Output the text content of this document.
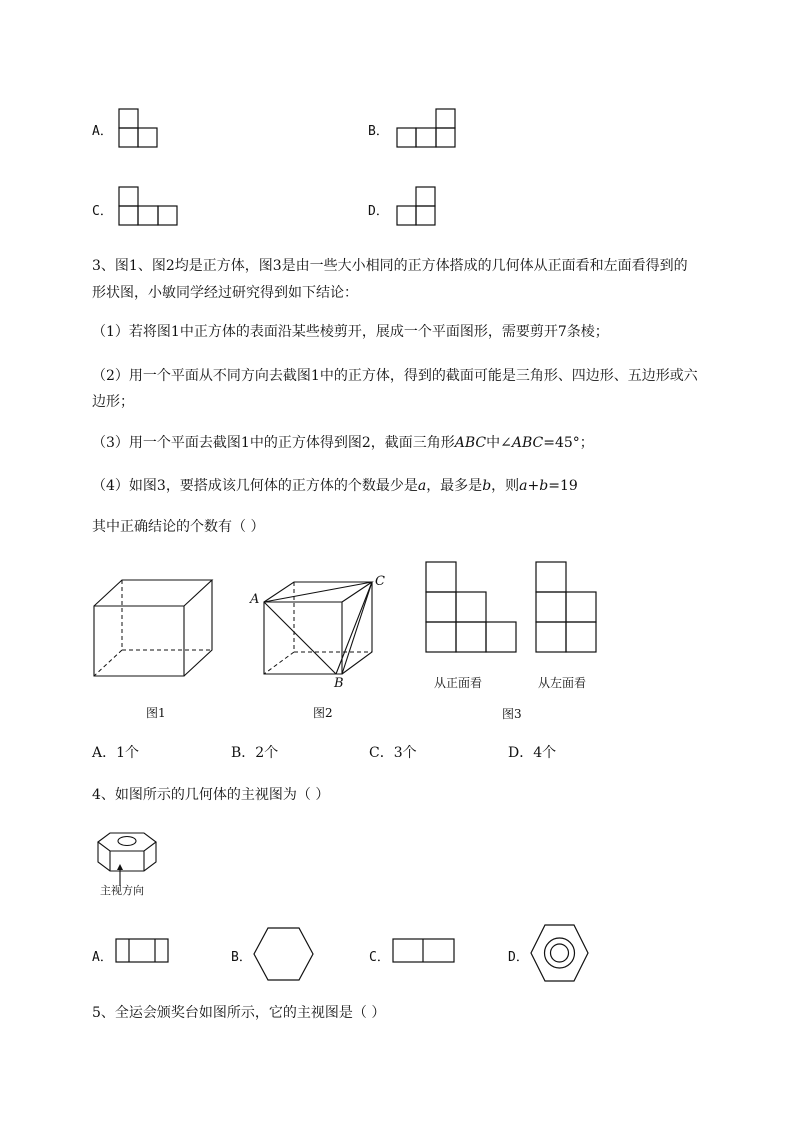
A．	B．
C．	D．
3、图1、图2均是正方体，图3是由一些大小相同的正方体搭成的几何体从正面看和左面看得到的
形状图，小敏同学经过研究得到如下结论：
（1）若将图1中正方体的表面沿某些棱剪开，展成一个平面图形，需要剪开7条棱；
（2）用一个平面从不同方向去截图1中的正方体，得到的截面可能是三角形、四边形、五边形或六
边形；
（3）用一个平面去截图1中的正方体得到图2，截面三角形ABC中∠ABC=45°；
（4）如图3，要搭成该几何体的正方体的个数最少是a，最多是b，则a+b=19
其中正确结论的个数有（ ）
图1
A
C
B
图2
从正面看	从左面看
图3
A．1个	B．2个	C．3个	D．4个
4、如图所示的几何体的主视图为（ ）
主视方向
A．	B．	C．	D．
5、全运会颁奖台如图所示，它的主视图是（ ）
